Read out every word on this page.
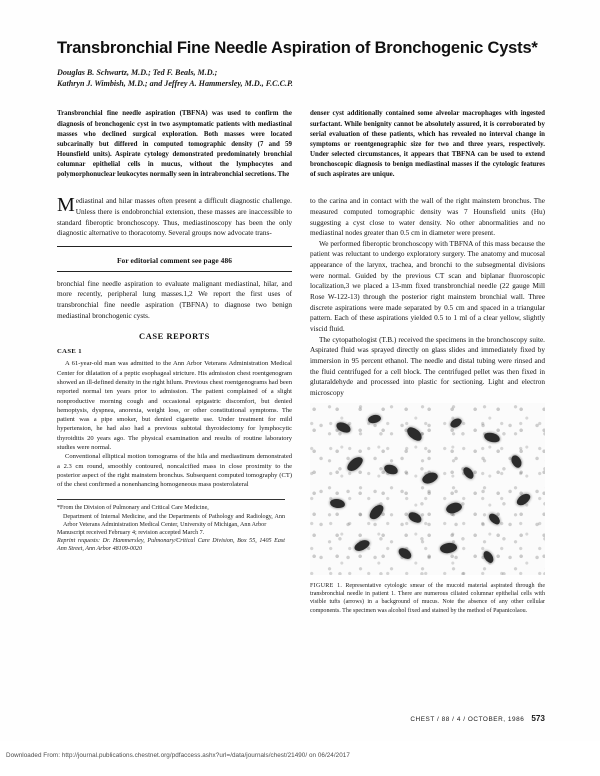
Transbronchial Fine Needle Aspiration of Bronchogenic Cysts*
Douglas B. Schwartz, M.D.; Ted F. Beals, M.D.;
Kathryn J. Wimbish, M.D.; and Jeffrey A. Hammersley, M.D., F.C.C.P.

Transbronchial fine needle aspiration (TBFNA) was used to confirm the diagnosis of bronchogenic cyst in two asymptomatic patients with mediastinal masses who declined surgical exploration. Both masses were located subcarinally but differed in computed tomographic density (7 and 59 Hounsfield units). Aspirate cytology demonstrated predominately bronchial columnar epithelial cells in mucus, without the lymphocytes and polymorphonuclear leukocytes normally seen in intrabronchial secretions. The

denser cyst additionally contained some alveolar macrophages with ingested surfactant. While benignity cannot be absolutely assured, it is corroborated by serial evaluation of these patients, which has revealed no interval change in symptoms or roentgenographic size for two and three years, respectively. Under selected circumstances, it appears that TBFNA can be used to extend bronchoscopic diagnosis to benign mediastinal masses if the cytologic features of such aspirates are unique.

Mediastinal and hilar masses often present a difficult diagnostic challenge. Unless there is endobronchial extension, these masses are inaccessible to standard fiberoptic bronchoscopy. Thus, mediastinoscopy has been the only diagnostic alternative to thoracotomy. Several groups now advocate trans-

For editorial comment see page 486

bronchial fine needle aspiration to evaluate malignant mediastinal, hilar, and more recently, peripheral lung masses.1,2 We report the first uses of transbronchial fine needle aspiration (TBFNA) to diagnose two benign mediastinal bronchogenic cysts.

CASE REPORTS
CASE 1

A 61-year-old man was admitted to the Ann Arbor Veterans Administration Medical Center for dilatation of a peptic esophageal stricture. His admission chest roentgenogram showed an ill-defined density in the right hilum. Previous chest roentgenograms had been reported normal ten years prior to admission. The patient complained of a slight nonproductive morning cough and occasional epigastric discomfort, but denied hemoptysis, dyspnea, anorexia, weight loss, or other constitutional symptoms. The patient was a pipe smoker, but denied cigarette use. Under treatment for mild hypertension, he had also had a previous subtotal thyroidectomy for lymphocytic thyroiditis 20 years ago. The physical examination and results of routine laboratory studies were normal.

Conventional elliptical motion tomograms of the hila and mediastinum demonstrated a 2.3 cm round, smoothly contoured, noncalcified mass in close proximity to the posterior aspect of the right mainstem bronchus. Subsequent computed tomography (CT) of the chest confirmed a nonenhancing homogeneous mass posterolateral

*From the Division of Pulmonary and Critical Care Medicine,

Department of Internal Medicine, and the Departments of Pathology and Radiology, Ann Arbor Veterans Administration Medical Center, University of Michigan, Ann Arbor

Manuscript received February 4; revision accepted March 7.

Reprint requests: Dr. Hammersley, Pulmonary/Critical Care Division, Box 55, 1405 East Ann Street, Ann Arbor 48109-0020

to the carina and in contact with the wall of the right mainstem bronchus. The measured computed tomographic density was 7 Hounsfield units (Hu) suggesting a cyst close to water density. No other abnormalities and no mediastinal nodes greater than 0.5 cm in diameter were present.

We performed fiberoptic bronchoscopy with TBFNA of this mass because the patient was reluctant to undergo exploratory surgery. The anatomy and mucosal appearance of the larynx, trachea, and bronchi to the subsegmental divisions were normal. Guided by the previous CT scan and biplanar fluoroscopic localization,3 we placed a 13-mm fixed transbronchial needle (22 gauge Mill Rose W-122-13) through the posterior right mainstem bronchial wall. Three discrete aspirations were made separated by 0.5 cm and spaced in a triangular pattern. Each of these aspirations yielded 0.5 to 1 ml of a clear yellow, slightly viscid fluid.

The cytopathologist (T.B.) received the specimens in the bronchoscopy suite. Aspirated fluid was sprayed directly on glass slides and immediately fixed by immersion in 95 percent ethanol. The needle and distal tubing were rinsed and the fluid centrifuged for a cell block. The centrifuged pellet was then fixed in glutaraldehyde and processed into plastic for sectioning. Light and electron microscopy

FIGURE 1. Representative cytologic smear of the mucoid material aspirated through the transbronchial needle in patient 1. There are numerous ciliated columnar epithelial cells with visible tufts (arrows) in a background of mucus. Note the absence of any other cellular components. The specimen was alcohol fixed and stained by the method of Papanicolaou.
CHEST / 88 / 4 / OCTOBER, 1986 573
Downloaded From: http://journal.publications.chestnet.org/pdfaccess.ashx?url=/data/journals/chest/21490/ on 06/24/2017
